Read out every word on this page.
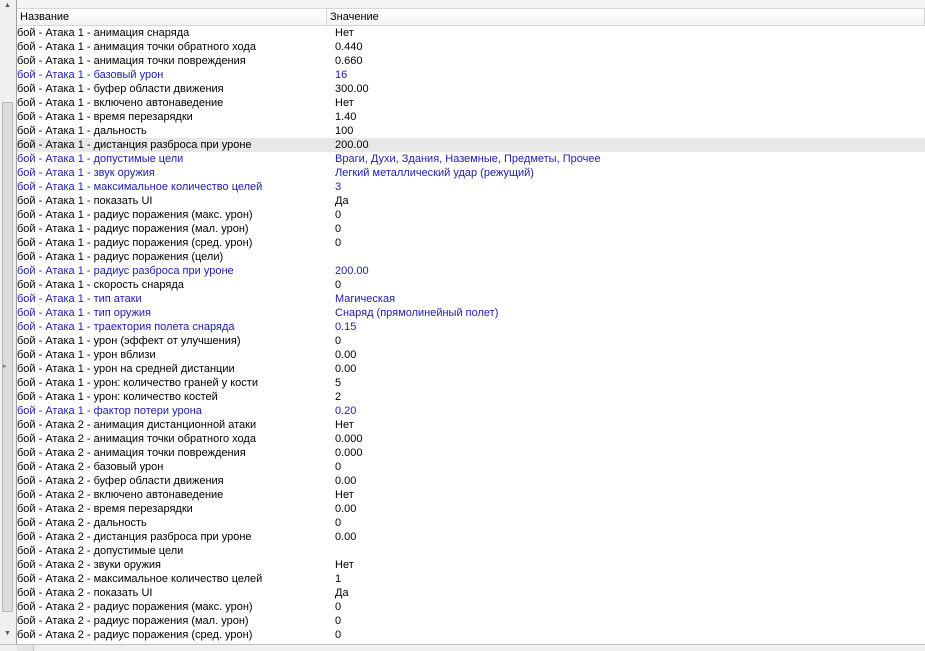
▲
▸
▼
Название	Значение
бой - Атака 1 - анимация снаряда	Нет
бой - Атака 1 - анимация точки обратного хода	0.440
бой - Атака 1 - анимация точки повреждения	0.660
бой - Атака 1 - базовый урон	16
бой - Атака 1 - буфер области движения	300.00
бой - Атака 1 - включено автонаведение	Нет
бой - Атака 1 - время перезарядки	1.40
бой - Атака 1 - дальность	100
бой - Атака 1 - дистанция разброса при уроне	200.00
бой - Атака 1 - допустимые цели	Враги, Духи, Здания, Наземные, Предметы, Прочее
бой - Атака 1 - звук оружия	Легкий металлический удар (режущий)
бой - Атака 1 - максимальное количество целей	3
бой - Атака 1 - показать UI	Да
бой - Атака 1 - радиус поражения (макс. урон)	0
бой - Атака 1 - радиус поражения (мал. урон)	0
бой - Атака 1 - радиус поражения (сред. урон)	0
бой - Атака 1 - радиус поражения (цели)
бой - Атака 1 - радиус разброса при уроне	200.00
бой - Атака 1 - скорость снаряда	0
бой - Атака 1 - тип атаки	Магическая
бой - Атака 1 - тип оружия	Снаряд (прямолинейный полет)
бой - Атака 1 - траектория полета снаряда	0.15
бой - Атака 1 - урон (эффект от улучшения)	0
бой - Атака 1 - урон вблизи	0.00
бой - Атака 1 - урон на средней дистанции	0.00
бой - Атака 1 - урон: количество граней у кости	5
бой - Атака 1 - урон: количество костей	2
бой - Атака 1 - фактор потери урона	0.20
бой - Атака 2 - анимация дистанционной атаки	Нет
бой - Атака 2 - анимация точки обратного хода	0.000
бой - Атака 2 - анимация точки повреждения	0.000
бой - Атака 2 - базовый урон	0
бой - Атака 2 - буфер области движения	0.00
бой - Атака 2 - включено автонаведение	Нет
бой - Атака 2 - время перезарядки	0.00
бой - Атака 2 - дальность	0
бой - Атака 2 - дистанция разброса при уроне	0.00
бой - Атака 2 - допустимые цели
бой - Атака 2 - звуки оружия	Нет
бой - Атака 2 - максимальное количество целей	1
бой - Атака 2 - показать UI	Да
бой - Атака 2 - радиус поражения (макс. урон)	0
бой - Атака 2 - радиус поражения (мал. урон)	0
бой - Атака 2 - радиус поражения (сред. урон)	0
